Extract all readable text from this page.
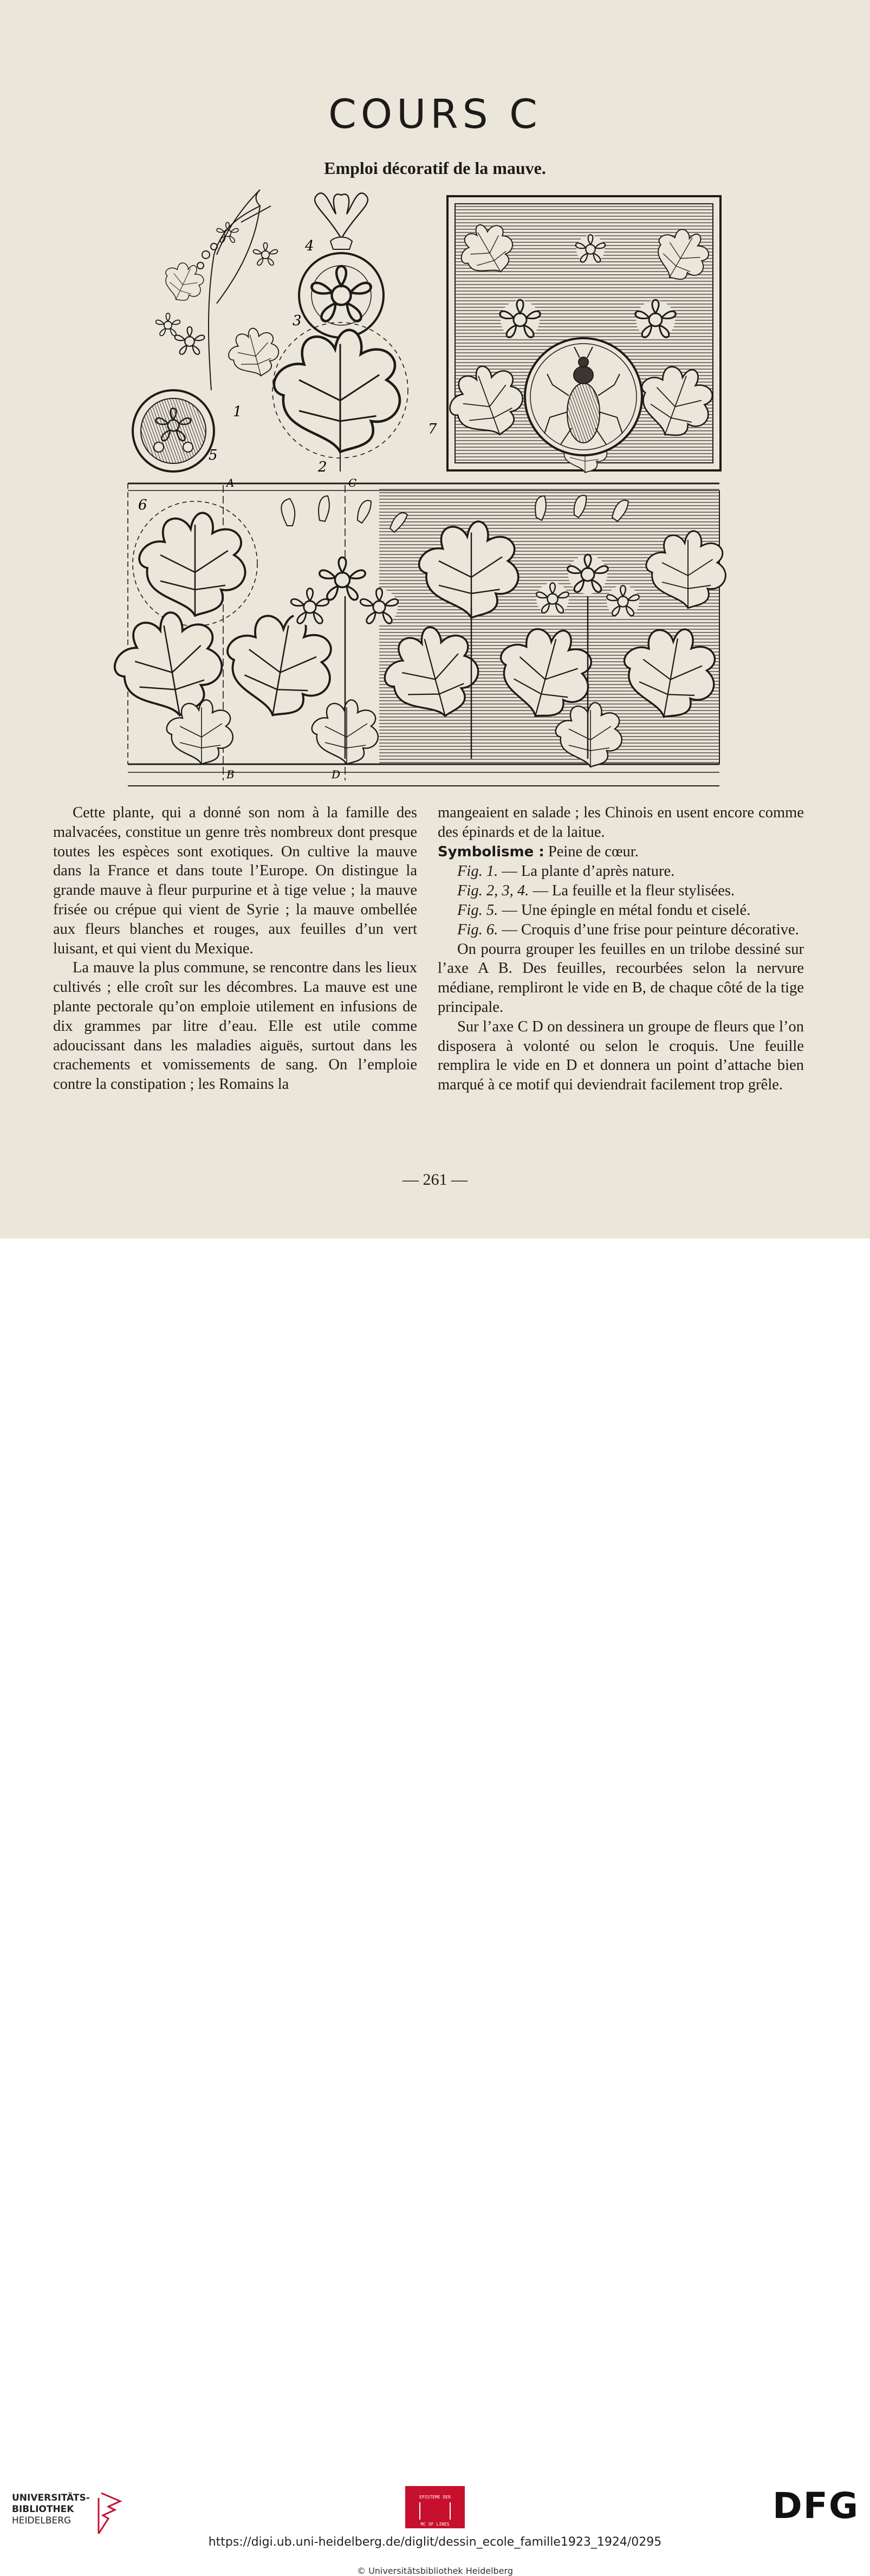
COURS C
Emploi décoratif de la mauve.
4
3
1
5
2
7
6
A
B
C
D

Cette plante, qui a donné son nom à la famille des malvacées, constitue un genre très nombreux dont presque toutes les espèces sont exotiques. On cultive la mauve dans la France et dans toute l’Europe. On distingue la grande mauve à fleur purpurine et à tige velue ; la mauve frisée ou crépue qui vient de Syrie ; la mauve ombellée aux fleurs blanches et rouges, aux feuilles d’un vert luisant, et qui vient du Mexique.

La mauve la plus commune, se rencontre dans les lieux cultivés ; elle croît sur les décombres. La mauve est une plante pectorale qu’on emploie utilement en infusions de dix grammes par litre d’eau. Elle est utile comme adoucissant dans les maladies aiguës, surtout dans les crachements et vomissements de sang. On l’emploie contre la constipation ; les Romains la

mangeaient en salade ; les Chinois en usent encore comme des épinards et de la laitue.

Symbolisme : Peine de cœur.

Fig. 1. — La plante d’après nature.

Fig. 2, 3, 4. — La feuille et la fleur stylisées.

Fig. 5. — Une épingle en métal fondu et ciselé.

Fig. 6. — Croquis d’une frise pour peinture décorative.

On pourra grouper les feuilles en un trilobe dessiné sur l’axe A B. Des feuilles, recourbées selon la nervure médiane, rempliront le vide en B, de chaque côté de la tige principale.

Sur l’axe C D on dessinera un groupe de fleurs que l’on disposera à volonté ou selon le croquis. Une feuille remplira le vide en D et donnera un point d’attache bien marqué à ce motif qui deviendrait facilement trop grêle.

— 261 —
UNIVERSITÄTS-
BIBLIOTHEK
HEIDELBERG
EPISTEME DER
MC OF LINES	DFG
https://digi.ub.uni-heidelberg.de/diglit/dessin_ecole_famille1923_1924/0295
© Universitätsbibliothek Heidelberg
